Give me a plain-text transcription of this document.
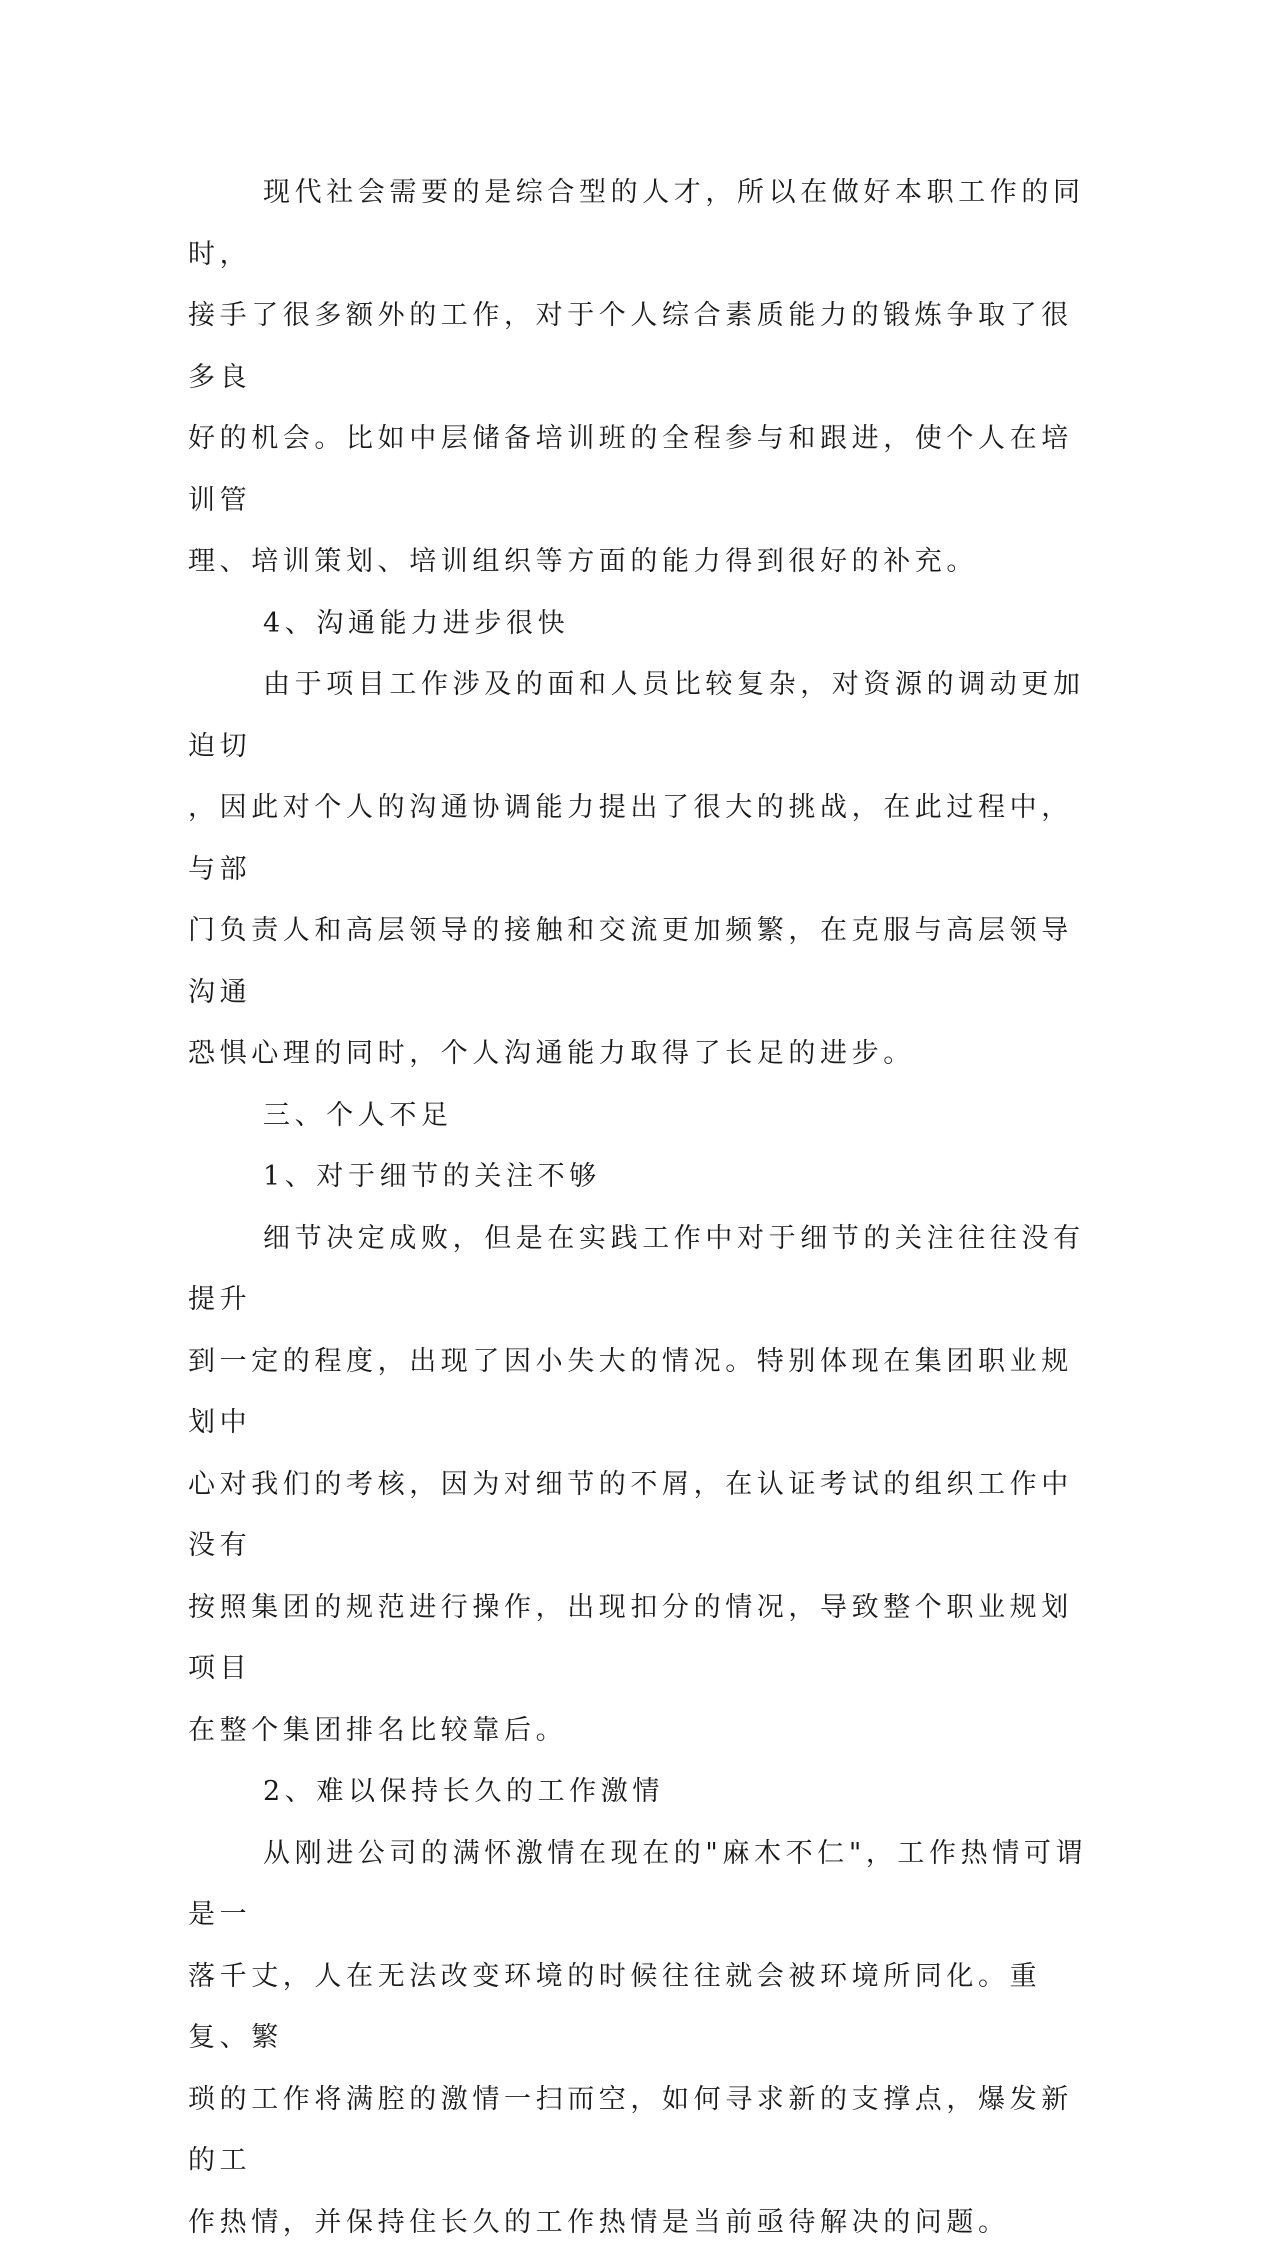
现代社会需要的是综合型的人才，所以在做好本职工作的同时，
接手了很多额外的工作，对于个人综合素质能力的锻炼争取了很多良
好的机会。比如中层储备培训班的全程参与和跟进，使个人在培训管
理、培训策划、培训组织等方面的能力得到很好的补充。

4、沟通能力进步很快

由于项目工作涉及的面和人员比较复杂，对资源的调动更加迫切
，因此对个人的沟通协调能力提出了很大的挑战，在此过程中，与部
门负责人和高层领导的接触和交流更加频繁，在克服与高层领导沟通
恐惧心理的同时，个人沟通能力取得了长足的进步。

三、个人不足

1、对于细节的关注不够

细节决定成败，但是在实践工作中对于细节的关注往往没有提升
到一定的程度，出现了因小失大的情况。特别体现在集团职业规划中
心对我们的考核，因为对细节的不屑，在认证考试的组织工作中没有
按照集团的规范进行操作，出现扣分的情况，导致整个职业规划项目
在整个集团排名比较靠后。

2、难以保持长久的工作激情

从刚进公司的满怀激情在现在的"麻木不仁"，工作热情可谓是一
落千丈，人在无法改变环境的时候往往就会被环境所同化。重复、繁
琐的工作将满腔的激情一扫而空，如何寻求新的支撑点，爆发新的工
作热情，并保持住长久的工作热情是当前亟待解决的问题。
